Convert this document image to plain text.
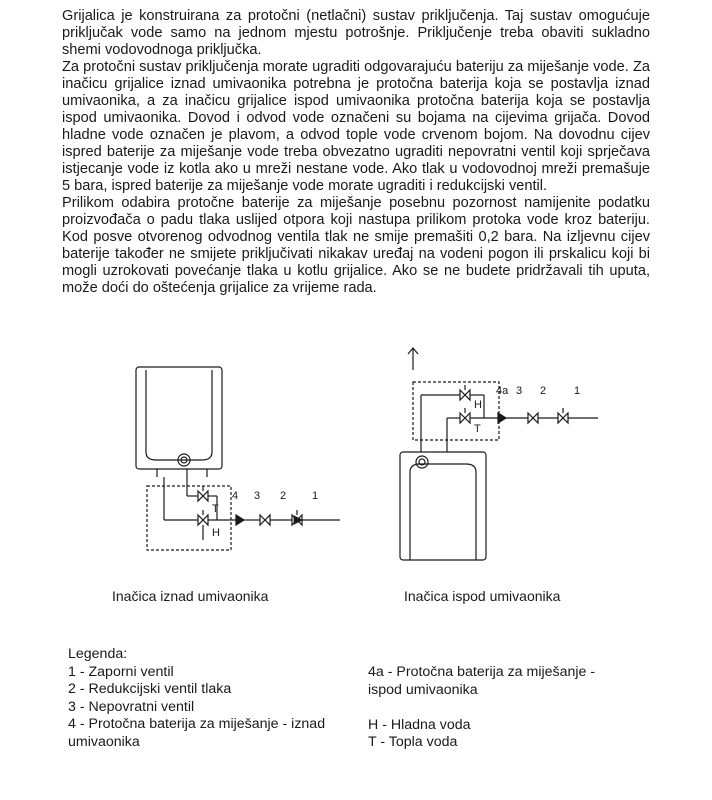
Grijalica je konstruirana za protočni (netlačni) sustav priključenja. Taj sustav omogućuje priključak vode samo na jednom mjestu potrošnje. Priključenje treba obaviti sukladno shemi vodovodnoga priključka.

Za protočni sustav priključenja morate ugraditi odgovarajuću bateriju za miješanje vode. Za inačicu grijalice iznad umivaonika potrebna je protočna baterija koja se postavlja iznad umivaonika, a za inačicu grijalice ispod umivaonika protočna baterija koja se postavlja ispod umivaonika. Dovod i odvod vode označeni su bojama na cijevima grijača. Dovod hladne vode označen je plavom, a odvod tople vode crvenom bojom. Na dovodnu cijev ispred baterije za miješanje vode treba obvezatno ugraditi nepovratni ventil koji sprječava istjecanje vode iz kotla ako u mreži nestane vode. Ako tlak u vodovodnoj mreži premašuje 5 bara, ispred baterije za miješanje vode morate ugraditi i redukcijski ventil.

Prilikom odabira protočne baterije za miješanje posebnu pozornost namijenite podatku proizvođača o padu tlaka uslijed otpora koji nastupa prilikom protoka vode kroz bateriju. Kod posve otvorenog odvodnog ventila tlak ne smije premašiti 0,2 bara. Na izljevnu cijev baterije također ne smijete priključivati nikakav uređaj na vodeni pogon ili prskalicu koji bi mogli uzrokovati povećanje tlaka u kotlu grijalice. Ako se ne budete pridržavali tih uputa, može doći do oštećenja grijalice za vrijeme rada.

4 3 2 1
T
H
4a 3 2	1
H
T
Inačica iznad umivaonika	Inačica ispod umivaonika
Legenda:
1 - Zaporni ventil
2 - Redukcijski ventil tlaka
3 - Nepovratni ventil
4 - Protočna baterija za miješanje - iznad
umivaonika
4a - Protočna baterija za miješanje -
ispod umivaonika
H - Hladna voda
T - Topla voda
